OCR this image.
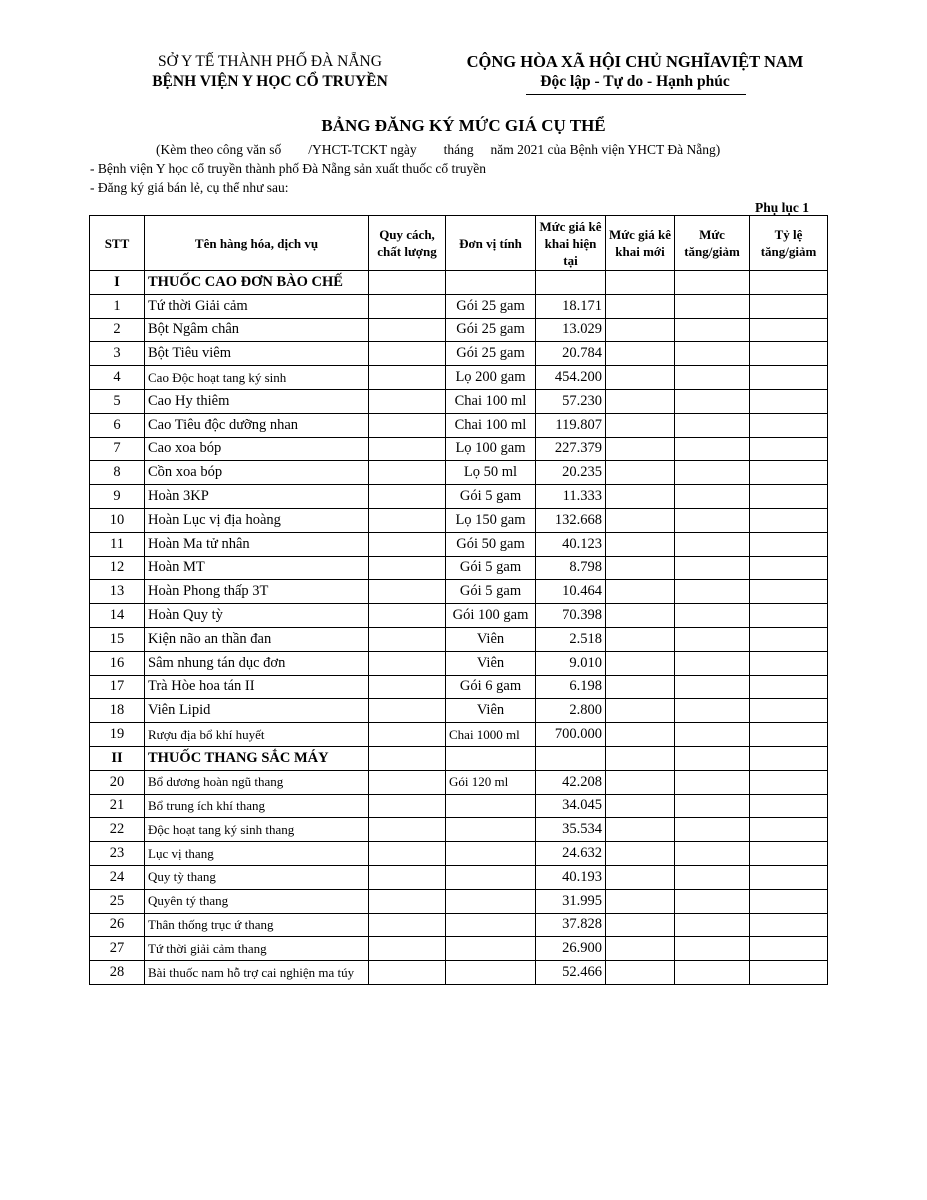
SỞ Y TẾ THÀNH PHỐ ĐÀ NẴNG
BỆNH VIỆN Y HỌC CỔ TRUYỀN
CỘNG HÒA XÃ HỘI CHỦ NGHĨAVIỆT NAM
Độc lập - Tự do - Hạnh phúc
BẢNG ĐĂNG KÝ MỨC GIÁ CỤ THỂ
(Kèm theo công văn số        /YHCT-TCKT ngày        tháng     năm 2021 của Bệnh viện YHCT Đà Nẵng)
- Bệnh viện Y học cổ truyền thành phố Đà Nẵng sản xuất thuốc cổ truyền
- Đăng ký giá bán lẻ, cụ thể như sau:
Phụ lục 1
STT	Tên hàng hóa, dịch vụ	Quy cách, chất lượng	Đơn vị tính	Mức giá kê khai hiện tại	Mức giá kê khai mới	Mức tăng/giảm	Tỷ lệ tăng/giảm
I	THUỐC CAO ĐƠN BÀO CHẾ						
1	Tứ thời Giải cảm		Gói 25 gam	18.171			
2	Bột Ngâm chân		Gói 25 gam	13.029			
3	Bột Tiêu viêm		Gói 25 gam	20.784			
4	Cao Độc hoạt tang ký sinh		Lọ 200 gam	454.200			
5	Cao Hy thiêm		Chai 100 ml	57.230			
6	Cao Tiêu độc dưỡng nhan		Chai 100 ml	119.807			
7	Cao xoa bóp		Lọ 100 gam	227.379			
8	Cồn xoa bóp		Lọ 50 ml	20.235			
9	Hoàn 3KP		Gói 5 gam	11.333			
10	Hoàn Lục vị địa hoàng		Lọ 150 gam	132.668			
11	Hoàn Ma tử nhân		Gói 50 gam	40.123			
12	Hoàn MT		Gói 5 gam	8.798			
13	Hoàn Phong thấp 3T		Gói 5 gam	10.464			
14	Hoàn Quy tỳ		Gói 100 gam	70.398			
15	Kiện não an thần đan		Viên	2.518			
16	Sâm nhung tán dục đơn		Viên	9.010			
17	Trà Hòe hoa tán II		Gói 6 gam	6.198			
18	Viên Lipid		Viên	2.800			
19	Rượu địa bổ khí huyết		Chai 1000 ml	700.000			
II	THUỐC THANG SẮC MÁY						
20	Bổ dương hoàn ngũ thang		Gói 120 ml	42.208			
21	Bổ trung ích khí thang			34.045			
22	Độc hoạt tang ký sinh thang			35.534			
23	Lục vị thang			24.632			
24	Quy tỳ thang			40.193			
25	Quyên tý thang			31.995			
26	Thân thống trục ứ thang			37.828			
27	Tứ thời giải cảm thang			26.900			
28	Bài thuốc nam hỗ trợ cai nghiện ma túy			52.466			
